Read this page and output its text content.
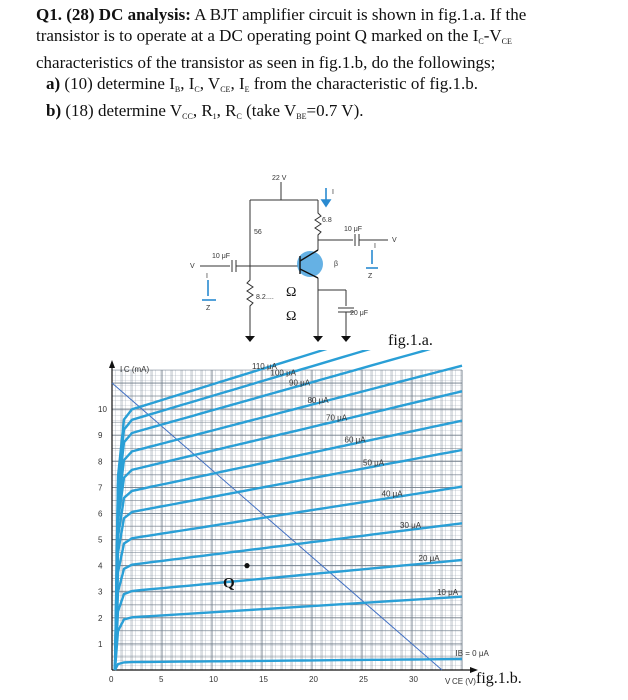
Q1. (28) DC analysis: A BJT amplifier circuit is shown in fig.1.a. If the

transistor is to operate at a DC operating point Q marked on the $I_C-V_{CE}$

characteristics of the transistor as seen in fig.1.b, do the followings;

a) (10) determine $I_B$, $I_C$, $V_{CE}$, $I_E$ from the characteristic of fig.1.b.

b) (18) determine $V_{CC}$, $R_1$, $R_C$ (take $V_{BE}=0.7$ V).

22 V
56
6.8
10 μF
10 μF
20 μF
8.2 ....
V
V
I
I
I
Z
Z
β
Ω
Ω
fig.1.a.
0	5	10	15	20	25	30
1
2
3
4
5
6
7
8
9
10
110 μA
100 μA
90 μA
80 μA
70 μA
60 μA
50 μA
40 μA
30 μA
20 μA
10 μA
IB = 0 μA
Q
I C (mA)
V CE (V) fig.1.b.
